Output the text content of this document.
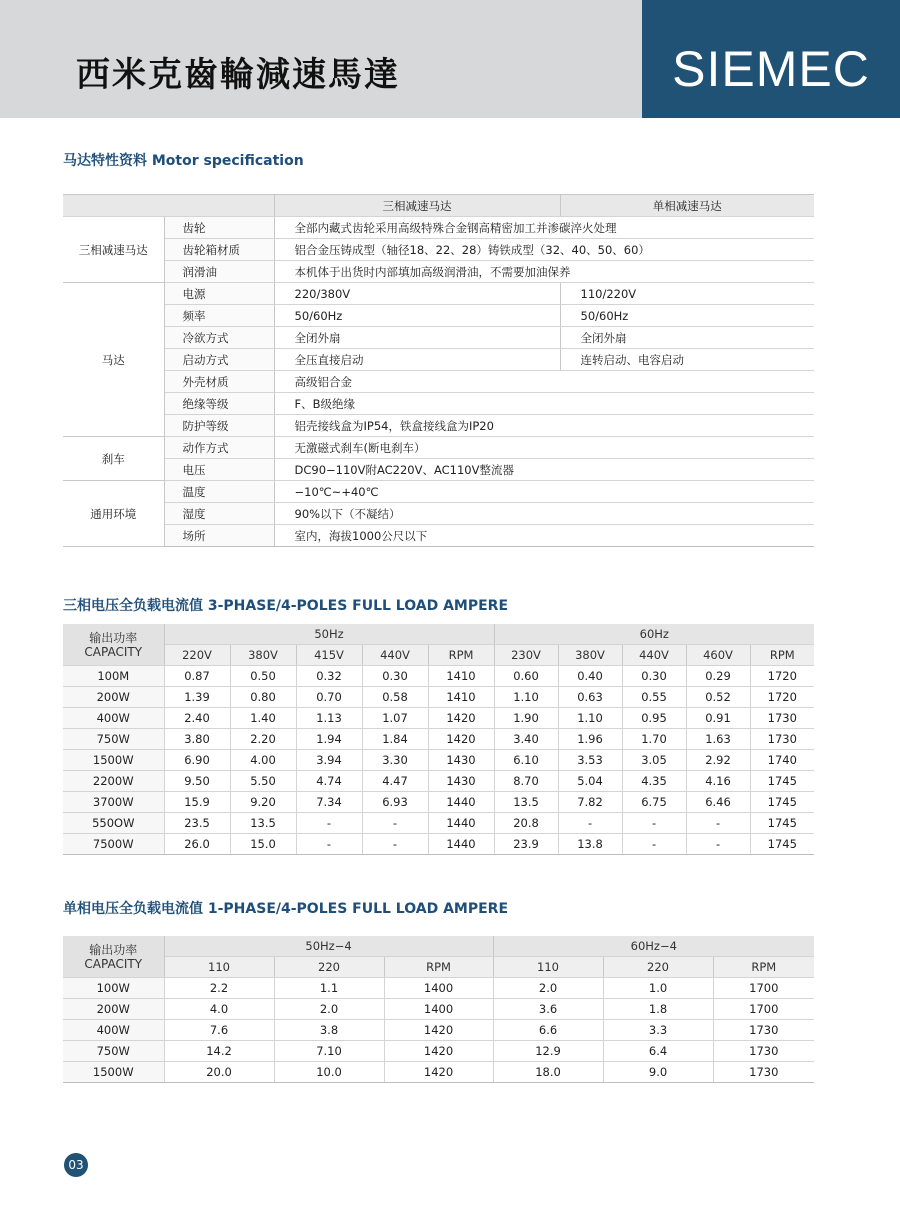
西米克齒輪減速馬達	SIEMEC
马达特性资料 Motor specification
		三相减速马达	单相减速马达
三相减速马达	齿轮	全部内藏式齿轮采用高级特殊合金钢高精密加工并渗碳淬火处理	
	齿轮箱材质	铝合金压铸成型（轴径18、22、28）铸铁成型（32、40、50、60）	
	润滑油	本机体于出货时内部填加高级润滑油，不需要加油保养	
马达	电源	220/380V	110/220V
	频率	50/60Hz	50/60Hz
	冷欲方式	全闭外扇	全闭外扇
	启动方式	全压直接启动	连转启动、电容启动
	外壳材质	高级铝合金	
	绝缘等级	F、B级绝缘	
	防护等级	铝壳接线盒为IP54，铁盒接线盒为IP20	
刹车	动作方式	无激磁式刹车(断电刹车）	
	电压	DC90−110V附AC220V、AC110V整流器	
通用环境	温度	−10℃~+40℃	
	湿度	90%以下（不凝结）	
	场所	室内，海拔1000公尺以下	
三相电压全负载电流值 3-PHASE/4-POLES FULL LOAD AMPERE
输出功率
CAPACITY	50Hz					60Hz				
	220V	380V	415V	440V	RPM	230V	380V	440V	460V	RPM
100M	0.87	0.50	0.32	0.30	1410	0.60	0.40	0.30	0.29	1720
200W	1.39	0.80	0.70	0.58	1410	1.10	0.63	0.55	0.52	1720
400W	2.40	1.40	1.13	1.07	1420	1.90	1.10	0.95	0.91	1730
750W	3.80	2.20	1.94	1.84	1420	3.40	1.96	1.70	1.63	1730
1500W	6.90	4.00	3.94	3.30	1430	6.10	3.53	3.05	2.92	1740
2200W	9.50	5.50	4.74	4.47	1430	8.70	5.04	4.35	4.16	1745
3700W	15.9	9.20	7.34	6.93	1440	13.5	7.82	6.75	6.46	1745
550OW	23.5	13.5	-	-	1440	20.8	-	-	-	1745
7500W	26.0	15.0	-	-	1440	23.9	13.8	-	-	1745
单相电压全负载电流值 1-PHASE/4-POLES FULL LOAD AMPERE
输出功率
CAPACITY	50Hz−4			60Hz−4		
	110	220	RPM	110	220	RPM
100W	2.2	1.1	1400	2.0	1.0	1700
200W	4.0	2.0	1400	3.6	1.8	1700
400W	7.6	3.8	1420	6.6	3.3	1730
750W	14.2	7.10	1420	12.9	6.4	1730
1500W	20.0	10.0	1420	18.0	9.0	1730
03
